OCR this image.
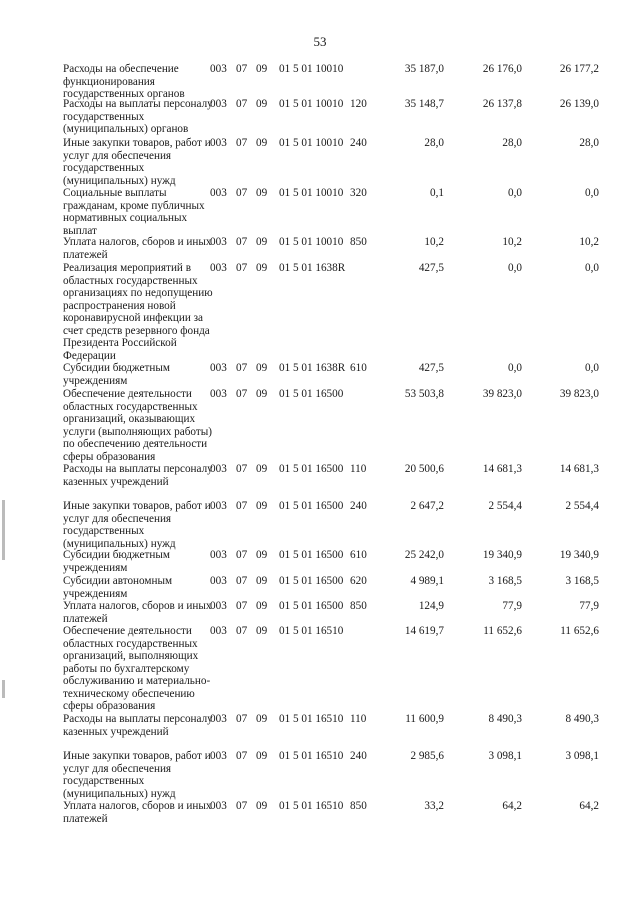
53
Расходы на обеспечение функционирования государственных органов
003 07 09 01 5 01 10010	35 187,0	26 176,0	26 177,2
Расходы на выплаты персоналу государственных (муниципальных) органов
003 07 09 01 5 01 10010 120	35 148,7	26 137,8	26 139,0
Иные закупки товаров, работ и услуг для обеспечения государственных (муниципальных) нужд
003 07 09 01 5 01 10010 240	28,0	28,0	28,0
Социальные выплаты гражданам, кроме публичных нормативных социальных выплат
003 07 09 01 5 01 10010 320	0,1	0,0	0,0
Уплата налогов, сборов и иных платежей
003 07 09 01 5 01 10010 850	10,2	10,2	10,2
Реализация мероприятий в областных государственных организациях по недопущению распространения новой коронавирусной инфекции за счет средств резервного фонда Президента Российской Федерации
003 07 09 01 5 01 1638R	427,5	0,0	0,0
Субсидии бюджетным учреждениям
003 07 09 01 5 01 1638R 610	427,5	0,0	0,0
Обеспечение деятельности областных государственных организаций, оказывающих услуги (выполняющих работы) по обеспечению деятельности сферы образования
003 07 09 01 5 01 16500	53 503,8	39 823,0	39 823,0
Расходы на выплаты персоналу казенных учреждений
003 07 09 01 5 01 16500 110	20 500,6	14 681,3	14 681,3
Иные закупки товаров, работ и услуг для обеспечения государственных (муниципальных) нужд
003 07 09 01 5 01 16500 240	2 647,2	2 554,4	2 554,4
Субсидии бюджетным учреждениям
003 07 09 01 5 01 16500 610	25 242,0	19 340,9	19 340,9
Субсидии автономным учреждениям
003 07 09 01 5 01 16500 620	4 989,1	3 168,5	3 168,5
Уплата налогов, сборов и иных платежей
003 07 09 01 5 01 16500 850	124,9	77,9	77,9
Обеспечение деятельности областных государственных организаций, выполняющих работы по бухгалтерскому обслуживанию и материально-техническому обеспечению сферы образования
003 07 09 01 5 01 16510	14 619,7	11 652,6	11 652,6
Расходы на выплаты персоналу казенных учреждений
003 07 09 01 5 01 16510 110	11 600,9	8 490,3	8 490,3
Иные закупки товаров, работ и услуг для обеспечения государственных (муниципальных) нужд
003 07 09 01 5 01 16510 240	2 985,6	3 098,1	3 098,1
Уплата налогов, сборов и иных платежей
003 07 09 01 5 01 16510 850	33,2	64,2	64,2
